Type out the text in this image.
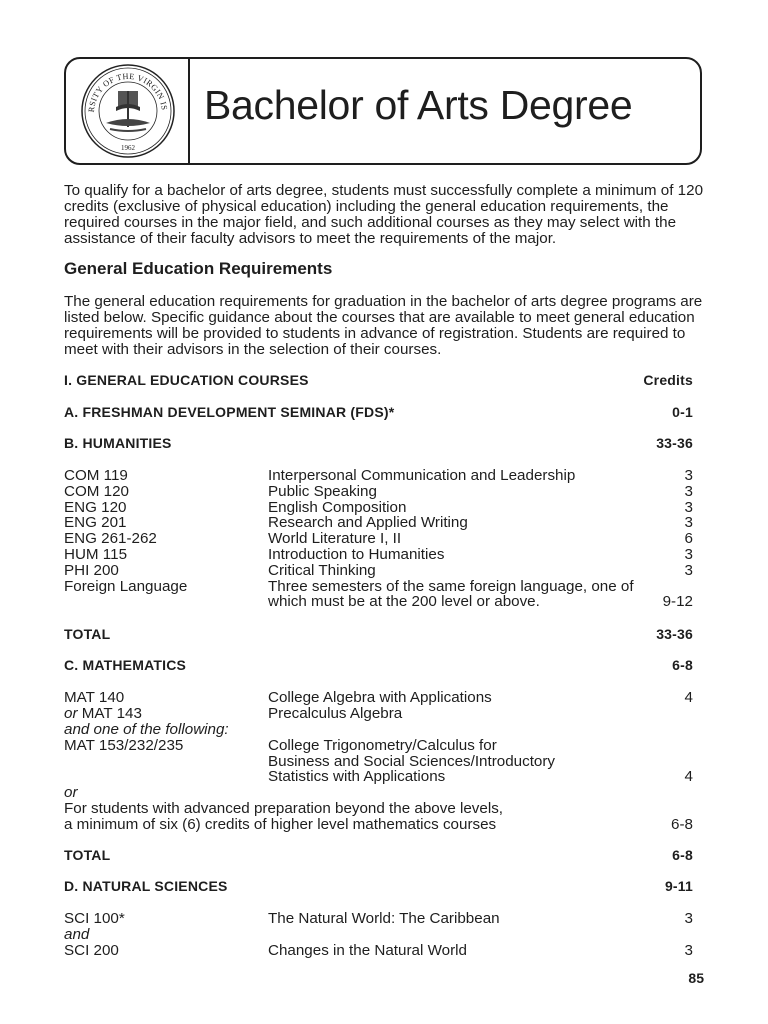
RSITY OF THE VIRGIN IS
1962
Bachelor of Arts Degree

To qualify for a bachelor of arts degree, students must successfully complete a minimum of 120 credits (exclusive of physical education) including the general education requirements, the required courses in the major field, and such additional courses as they may select with the assistance of their faculty advisors to meet the requirements of the major.

General Education Requirements

The general education requirements for graduation in the bachelor of arts degree programs are listed below. Specific guidance about the courses that are available to meet general education requirements will be provided to students in advance of registration. Students are required to meet with their advisors in the selection of their courses.

I. GENERAL EDUCATION COURSES	Credits
A. FRESHMAN DEVELOPMENT SEMINAR (FDS)*	0-1
B. HUMANITIES	33-36
COM 119	Interpersonal Communication and Leadership	3
COM 120	Public Speaking	3
ENG 120	English Composition	3
ENG 201	Research and Applied Writing	3
ENG 261-262	World Literature I, II	6
HUM 115	Introduction to Humanities	3
PHI 200	Critical Thinking	3
Foreign Language	Three semesters of the same foreign language, one of
which must be at the 200 level or above.	9-12
TOTAL	33-36
C. MATHEMATICS	6-8
MAT 140	College Algebra with Applications	4
or MAT 143	Precalculus Algebra
and one of the following:
MAT 153/232/235	College Trigonometry/Calculus for
Business and Social Sciences/Introductory
Statistics with Applications	4
or
For students with advanced preparation beyond the above levels,
a minimum of six (6) credits of higher level mathematics courses	6-8
TOTAL	6-8
D. NATURAL SCIENCES	9-11
SCI 100*	The Natural World: The Caribbean	3
and
SCI 200	Changes in the Natural World	3
85
